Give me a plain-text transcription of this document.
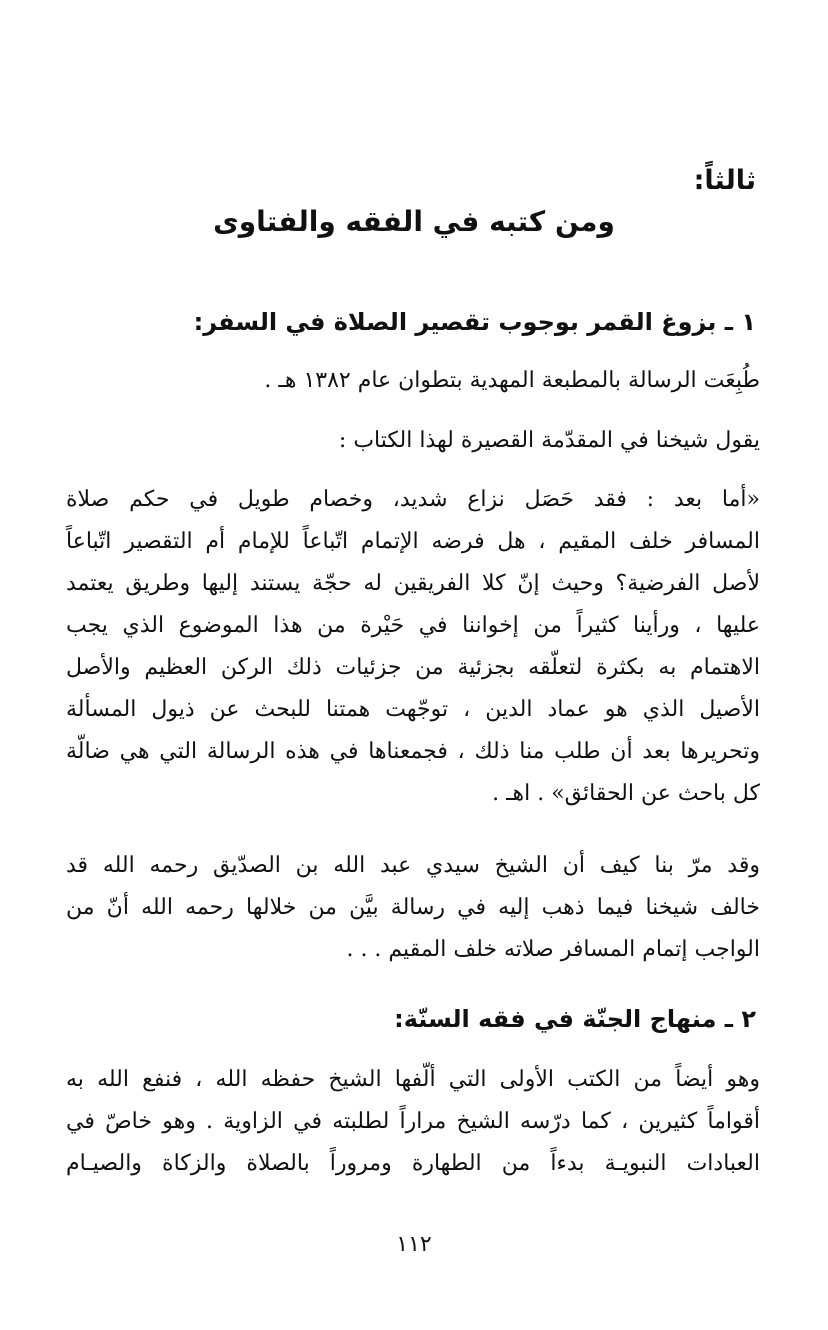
ثالثاً:
ومن كتبه في الفقه والفتاوى
١ ـ بزوغ القمر بوجوب تقصير الصلاة في السفر:
طُبِعَت الرسالة بالمطبعة المهدية بتطوان عام ١٣٨٢ هـ .
يقول شيخنا في المقدّمة القصيرة لهذا الكتاب :
«أما بعد : فقد حَصَل نزاع شديد، وخصام طويل في حكم صلاة
المسافر خلف المقيم ، هل فرضه الإتمام اتّباعاً للإمام أم التقصير اتّباعاً
لأصل الفرضية؟ وحيث إنّ كلا الفريقين له حجّة يستند إليها وطريق يعتمد
عليها ، ورأينا كثيراً من إخواننا في حَيْرة من هذا الموضوع الذي يجب
الاهتمام به بكثرة لتعلّقه بجزئية من جزئيات ذلك الركن العظيم والأصل
الأصيل الذي هو عماد الدين ، توجّهت همتنا للبحث عن ذيول المسألة
وتحريرها بعد أن طلب منا ذلك ، فجمعناها في هذه الرسالة التي هي ضالّة
كل باحث عن الحقائق» . اهـ .
وقد مرّ بنا كيف أن الشيخ سيدي عبد الله بن الصدّيق رحمه الله قد
خالف شيخنا فيما ذهب إليه في رسالة بيَّن من خلالها رحمه الله أنّ من
الواجب إتمام المسافر صلاته خلف المقيم . . .
٢ ـ منهاج الجنّة في فقه السنّة:
وهو أيضاً من الكتب الأولى التي ألّفها الشيخ حفظه الله ، فنفع الله به
أقواماً كثيرين ، كما درّسه الشيخ مراراً لطلبته في الزاوية . وهو خاصّ في
العبادات النبويـة بدءاً من الطهارة ومروراً بالصلاة والزكاة والصيـام
١١٢
